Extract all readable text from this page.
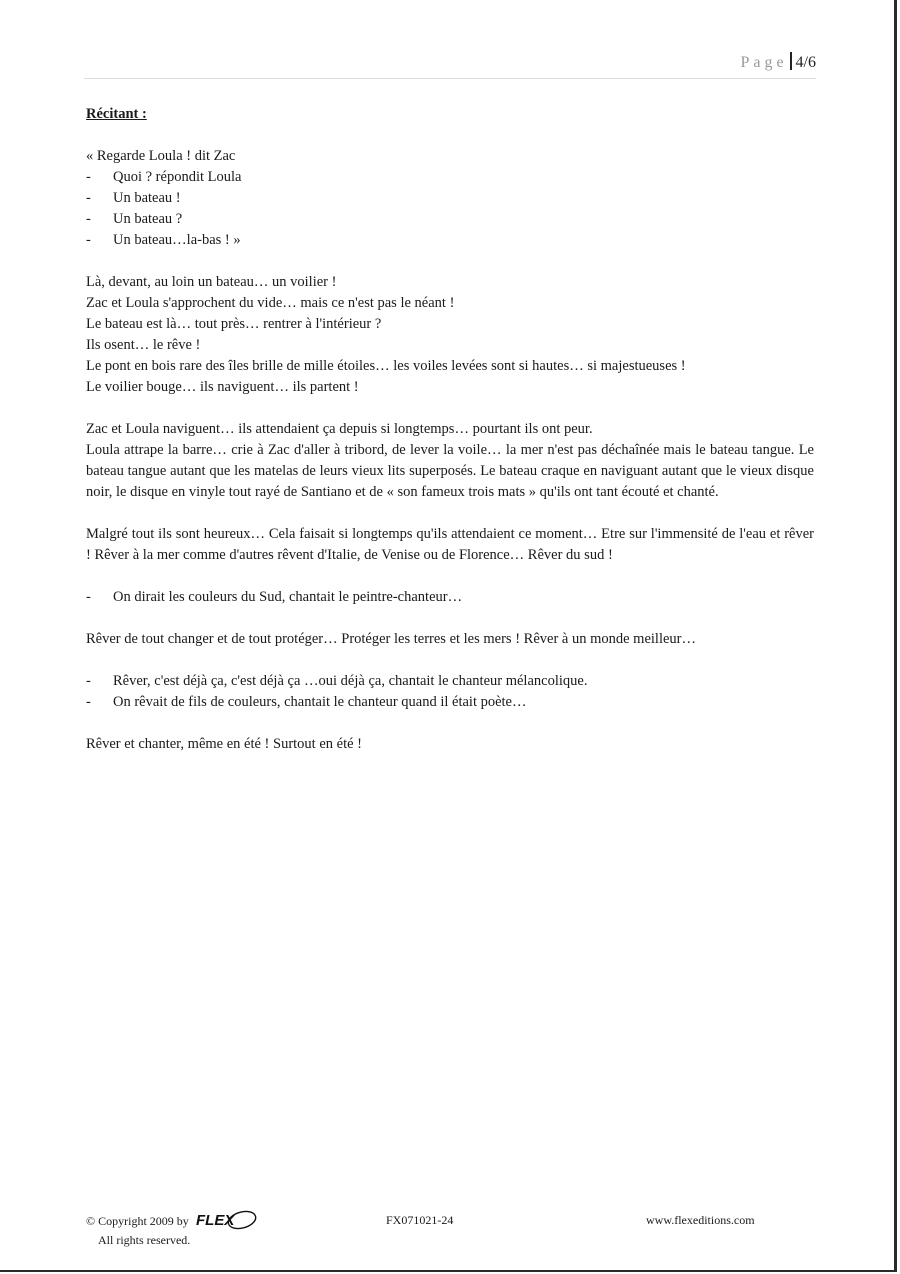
Page 4/6
Récitant :
« Regarde Loula ! dit Zac
- Quoi ? répondit Loula
- Un bateau !
- Un bateau ?
- Un bateau…la-bas ! »

Là, devant, au loin un bateau… un voilier !
Zac et Loula s'approchent du vide… mais ce n'est pas le néant !
Le bateau est là… tout près… rentrer à l'intérieur ?
Ils osent… le rêve !
Le pont en bois rare des îles brille de mille étoiles… les voiles levées sont si hautes… si majestueuses !
Le voilier bouge… ils naviguent… ils partent !

Zac et Loula naviguent… ils attendaient ça depuis si longtemps… pourtant ils ont peur.
Loula attrape la barre… crie à Zac d'aller à tribord, de lever la voile… la mer n'est pas déchaînée mais le bateau tangue. Le bateau tangue autant que les matelas de leurs vieux lits superposés. Le bateau craque en naviguant autant que le vieux disque noir, le disque en vinyle tout rayé de Santiano et de « son fameux trois mats » qu'ils ont tant écouté et chanté.

Malgré tout ils sont heureux… Cela faisait si longtemps qu'ils attendaient ce moment… Etre sur l'immensité de l'eau et rêver ! Rêver à la mer comme d'autres rêvent d'Italie, de Venise ou de Florence… Rêver du sud !

- On dirait les couleurs du Sud, chantait le peintre-chanteur…

Rêver de tout changer et de tout protéger… Protéger les terres et les mers ! Rêver à un monde meilleur…

- Rêver, c'est déjà ça, c'est déjà ça …oui déjà ça, chantait le chanteur mélancolique.
- On rêvait de fils de couleurs, chantait le chanteur quand il était poète…

Rêver et chanter, même en été ! Surtout en été !

© Copyright 2009 by FLEX
All rights reserved.
FX071021-24	www.flexeditions.com
